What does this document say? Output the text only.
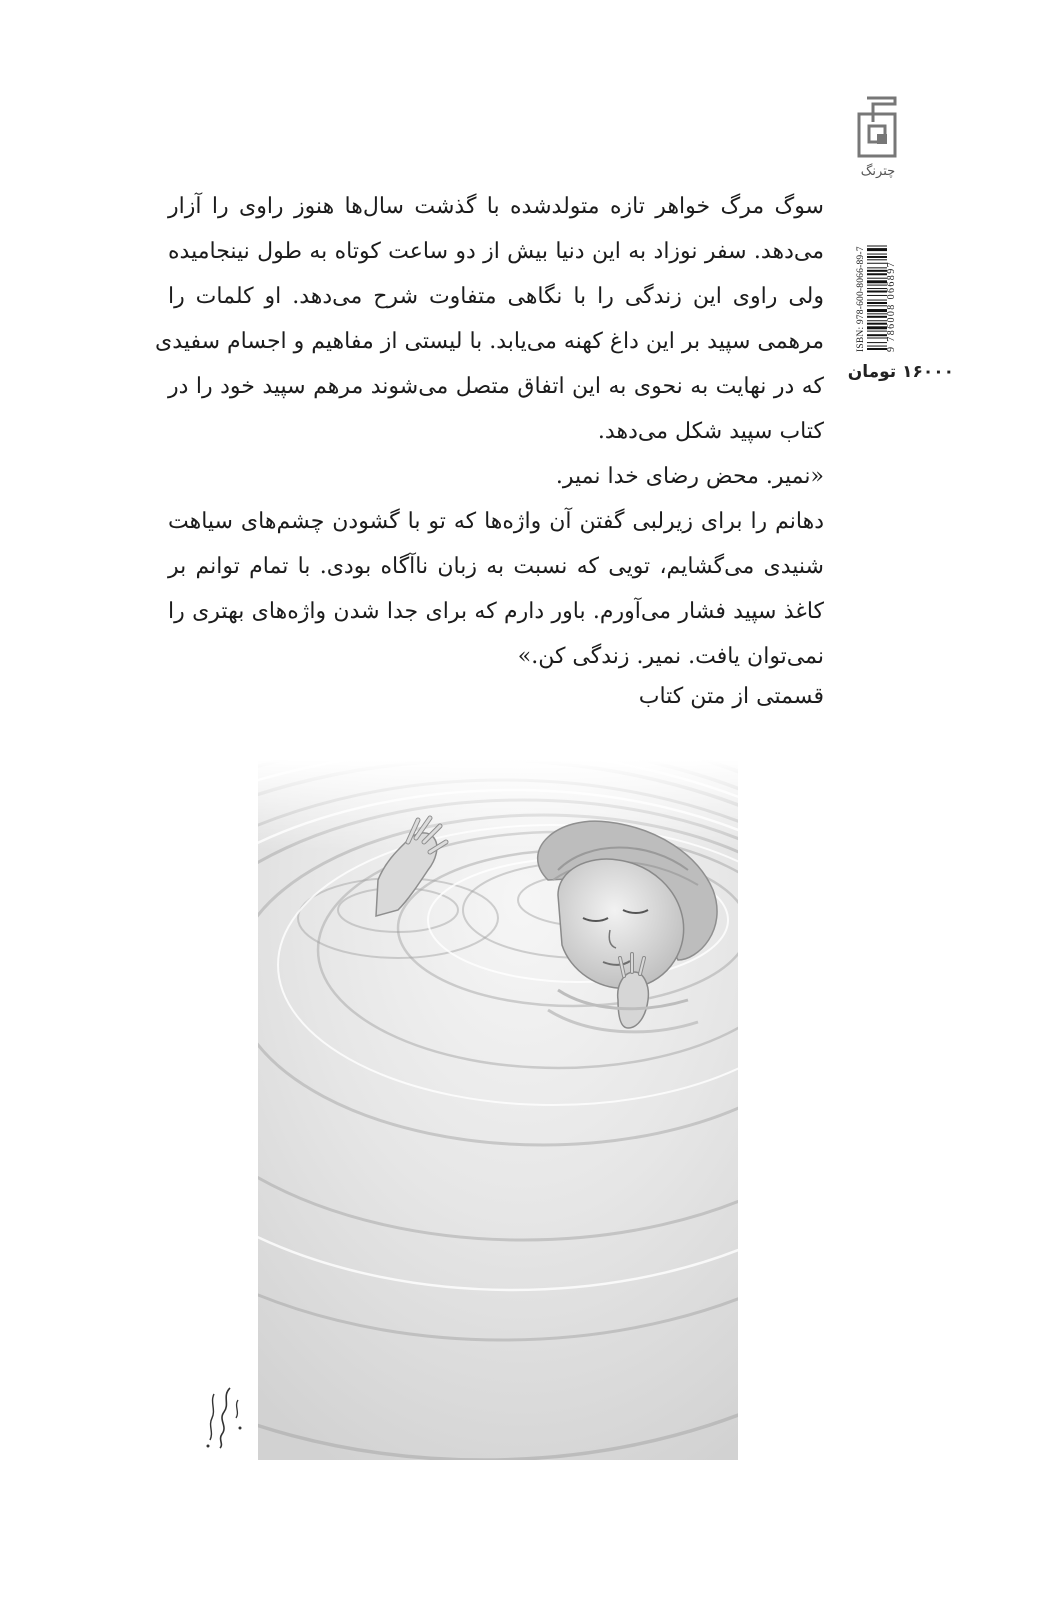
چترنگ
ISBN: 978-600-8066-89-7 9 786008 066897
۱۶۰۰۰ تومان

سوگ مرگ خواهر تازه متولدشده با گذشت سال‌ها هنوز راوی را آزار
می‌دهد. سفر نوزاد به این دنیا بیش از دو ساعت کوتاه به طول نینجامیده
ولی راوی این زندگی را با نگاهی متفاوت شرح می‌دهد. او کلمات را
مرهمی سپید بر این داغ کهنه می‌یابد. با لیستی از مفاهیم و اجسام سفیدی
که در نهایت به نحوی به این اتفاق متصل می‌شوند مرهم سپید خود را در
کتاب سپید شکل می‌دهد.

«نمیر. محض رضای خدا نمیر.
دهانم را برای زیرلبی گفتن آن واژه‌ها که تو با گشودن چشم‌های سیاهت
شنیدی می‌گشایم، تویی که نسبت به زبان ناآگاه بودی. با تمام توانم بر
کاغذ سپید فشار می‌آورم. باور دارم که برای جدا شدن واژه‌های بهتری را
نمی‌توان یافت. نمیر. زندگی کن.»

قسمتی از متن کتاب
